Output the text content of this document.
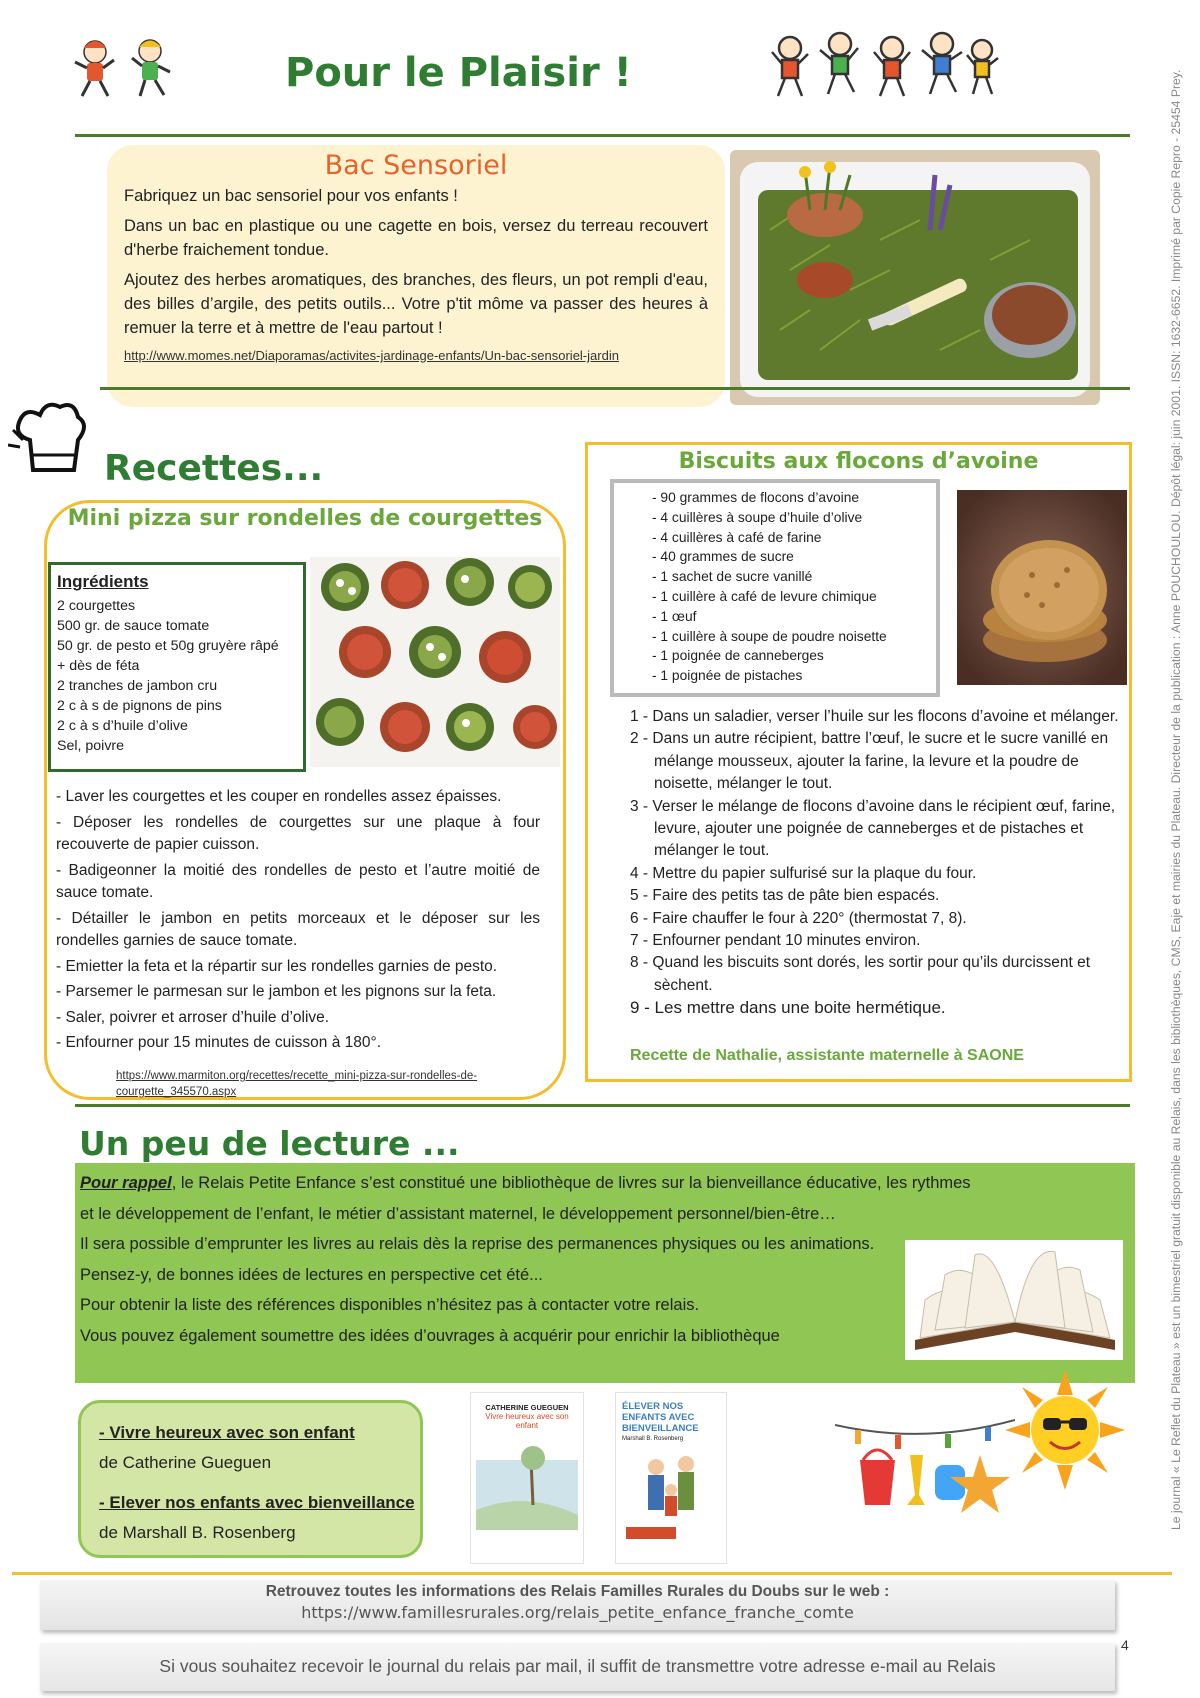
Pour le Plaisir !
Bac Sensoriel

Fabriquez un bac sensoriel pour vos enfants !

Dans un bac en plastique ou une cagette en bois, versez du terreau recouvert d'herbe fraichement tondue.

Ajoutez des herbes aromatiques, des branches, des fleurs, un pot rempli d'eau, des billes d’argile, des petits outils... Votre p'tit môme va passer des heures à remuer la terre et à mettre de l'eau partout !

http://www.momes.net/Diaporamas/activites-jardinage-enfants/Un-bac-sensoriel-jardin
Recettes...
Mini pizza sur rondelles de courgettes
Ingrédients
2 courgettes
500 gr. de sauce tomate
50 gr. de pesto et 50g gruyère râpé
+ dès de féta
2 tranches de jambon cru
2 c à s de pignons de pins
2 c à s d’huile d’olive
Sel, poivre
- Laver les courgettes et les couper en rondelles assez épaisses.
- Déposer les rondelles de courgettes sur une plaque à four recouverte de papier cuisson.
- Badigeonner la moitié des rondelles de pesto et l’autre moitié de sauce tomate.
- Détailler le jambon en petits morceaux et le déposer sur les rondelles garnies de sauce tomate.
- Emietter la feta et la répartir sur les rondelles garnies de pesto.
- Parsemer le parmesan sur le jambon et les pignons sur la feta.
- Saler, poivrer et arroser d’huile d’olive.
- Enfourner pour 15 minutes de cuisson à 180°.
https://www.marmiton.org/recettes/recette_mini-pizza-sur-rondelles-de-courgette_345570.aspx
Biscuits aux flocons d’avoine
- 90 grammes de flocons d’avoine
- 4 cuillères à soupe d’huile d’olive
- 4 cuillères à café de farine
- 40 grammes de sucre
- 1 sachet de sucre vanillé
- 1 cuillère à café de levure chimique
- 1 œuf
- 1 cuillère à soupe de poudre noisette
- 1 poignée de canneberges
- 1 poignée de pistaches
1 - Dans un saladier, verser l’huile sur les flocons d’avoine et mélanger.
2 - Dans un autre récipient, battre l’œuf, le sucre et le sucre vanillé en mélange mousseux, ajouter la farine, la levure et la poudre de noisette, mélanger le tout.
3 - Verser le mélange de flocons d’avoine dans le récipient œuf, farine, levure, ajouter une poignée de canneberges et de pistaches et mélanger le tout.
4 - Mettre du papier sulfurisé sur la plaque du four.
5 - Faire des petits tas de pâte bien espacés.
6 - Faire chauffer le four à 220° (thermostat 7, 8).
7 - Enfourner pendant 10 minutes environ.
8 - Quand les biscuits sont dorés, les sortir pour qu’ils durcissent et sèchent.
9 - Les mettre dans une boite hermétique.
Recette de Nathalie, assistante maternelle à SAONE
Un peu de lecture ...

Pour rappel, le Relais Petite Enfance s’est constitué une bibliothèque de livres sur la bienveillance éducative, les rythmes

et le développement de l’enfant, le métier d’assistant maternel, le développement personnel/bien-être…

Il sera possible d’emprunter les livres au relais dès la reprise des permanences physiques ou les animations.

Pensez-y, de bonnes idées de lectures en perspective cet été...

Pour obtenir la liste des références disponibles n’hésitez pas à contacter votre relais.

Vous pouvez également soumettre des idées d’ouvrages à acquérir pour enrichir la bibliothèque

- Vivre heureux avec son enfant
de Catherine Gueguen

- Elever nos enfants avec bienveillance de Marshall B. Rosenberg

CATHERINE GUEGUEN
Vivre heureux avec son enfant
ÉLEVER NOS ENFANTS AVEC BIENVEILLANCE
Marshall B. Rosenberg
Retrouvez toutes les informations des Relais Familles Rurales du Doubs sur le web :
https://www.famillesrurales.org/relais_petite_enfance_franche_comte
Si vous souhaitez recevoir le journal du relais par mail, il suffit de transmettre votre adresse e-mail au Relais
4
Le journal « Le Reflet du Plateau » est un bimestriel gratuit disponible au Relais, dans les bibliothèques, CMS, Eaje et mairies du Plateau. Directeur de la publication : Anne POUCHOULOU. Dépôt légal: juin 2001. ISSN: 1632-6652. Imprimé par Copie Repro - 25454 Prey.
